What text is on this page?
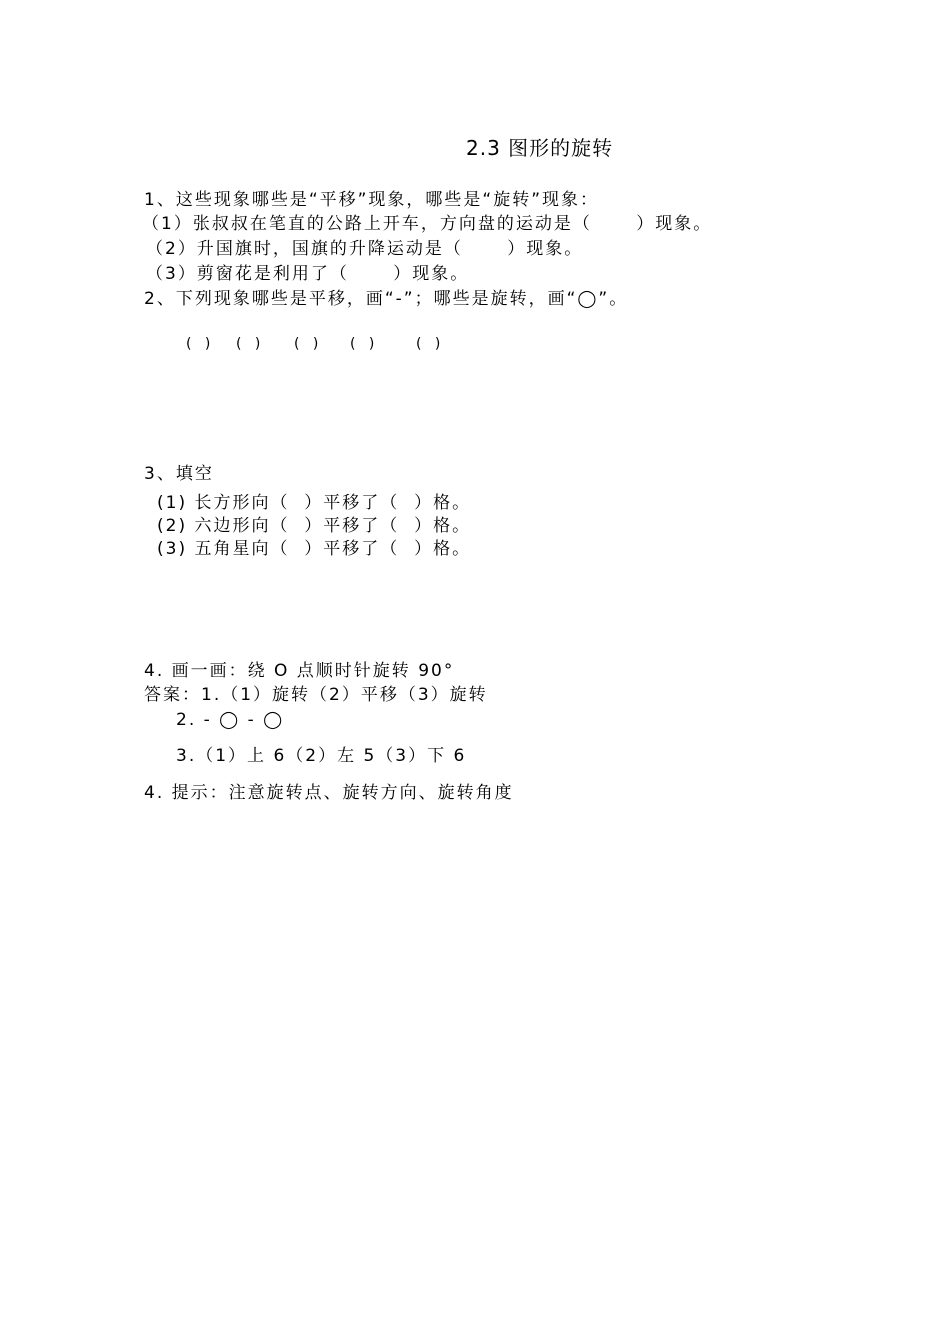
2.3 图形的旋转
1、这些现象哪些是“平移”现象，哪些是“旋转”现象：
（1）张叔叔在笔直的公路上开车，方向盘的运动是（      ）现象。
（2）升国旗时，国旗的升降运动是（      ）现象。
（3）剪窗花是利用了（      ）现象。
2、下列现象哪些是平移，画“-”；哪些是旋转，画“◯”。
(   ) (   ) (   ) (   )	(   )
3、填空
(1) 长方形向（  ）平移了（  ）格。
(2) 六边形向（  ）平移了（  ）格。
(3) 五角星向（  ）平移了（  ）格。
4. 画一画：绕 O 点顺时针旋转 90°
答案：1.（1）旋转（2）平移（3）旋转
2. - ◯ - ◯
3.（1）上 6（2）左 5（3）下 6
4. 提示：注意旋转点、旋转方向、旋转角度
